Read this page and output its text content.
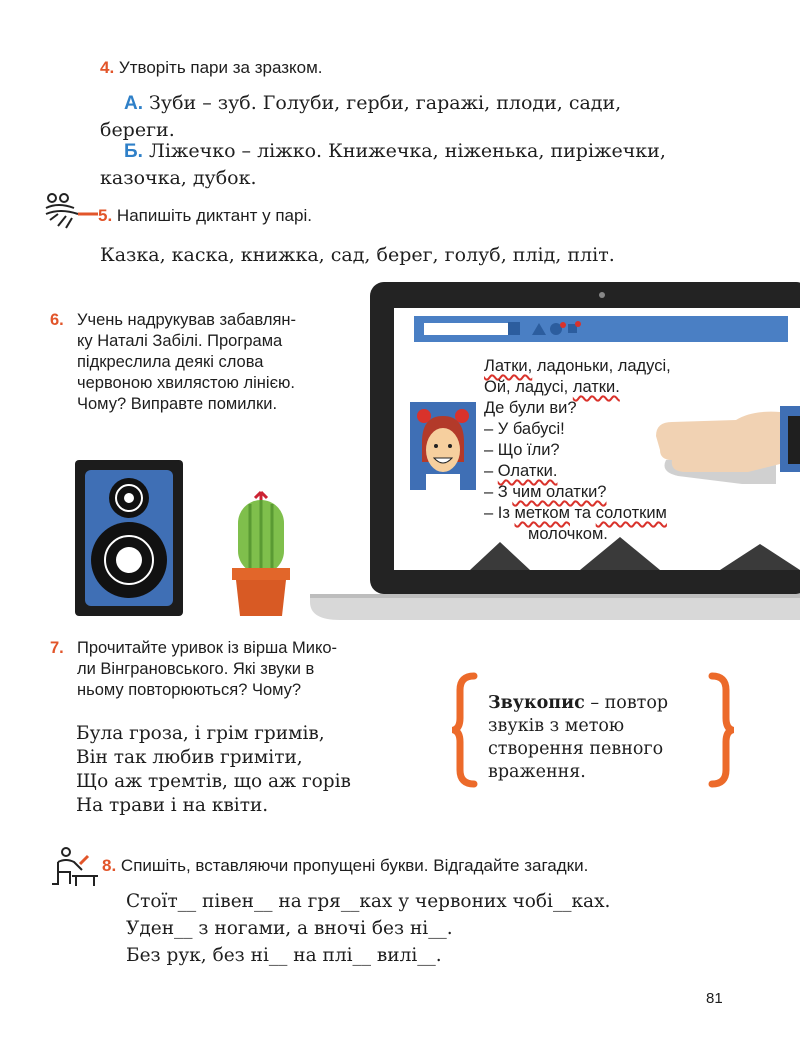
4. Утворіть пари за зразком.
А. Зуби – зуб. Голуби, герби, гаражі, плоди, сади,
береги.
Б. Ліжечко – ліжко. Книжечка, ніженька, пиріжечки,
казочка, дубок.
5. Напишіть диктант у парі.
Казка, каска, книжка, сад, берег, голуб, плід, пліт.
6. Учень надрукував забавлян-
ку Наталі Забілі. Програма
підкреслила деякі слова
червоною хвилястою лінією.
Чому? Виправте помилки.
Латки, ладоньки, ладусі,
Ой, ладусі, латки.
Де були ви?
– У бабусі!
– Що їли?
– Олатки.
– З чим олатки?
– Із метком та солотким
молочком.
7. Прочитайте уривок із вірша Мико-
ли Вінграновського. Які звуки в
ньому повторюються? Чому?
Була гроза, і грім гримів,
Він так любив гриміти,
Що аж тремтів, що аж горів
На трави і на квіти.
Звукопис – повтор
звуків з метою
створення певного
враження.
8. Спишіть, вставляючи пропущені букви. Відгадайте загадки.
Стоїт__ півен__ на гря__ках у червоних чобі__ках.
Уден__ з ногами, а вночі без ні__.
Без рук, без ні__ на плі__ вилі__.
81
